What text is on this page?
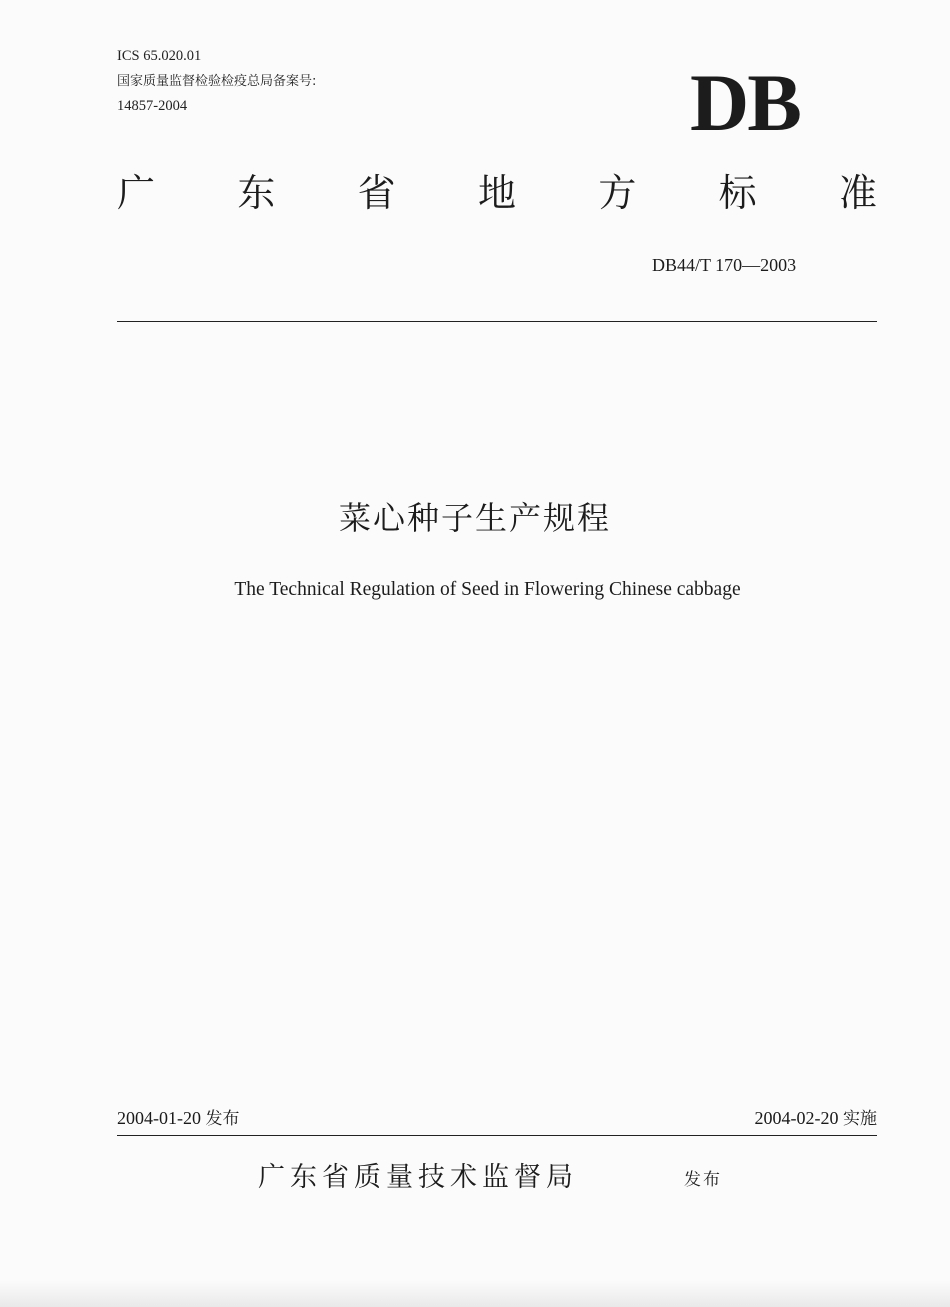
ICS 65.020.01
国家质量监督检验检疫总局备案号:
14857-2004	DB
广 东 省 地 方 标 准
DB44/T 170—2003
菜心种子生产规程
The Technical Regulation of Seed in Flowering Chinese cabbage
2004-01-20 发布	2004-02-20 实施
广东省质量技术监督局	发布
